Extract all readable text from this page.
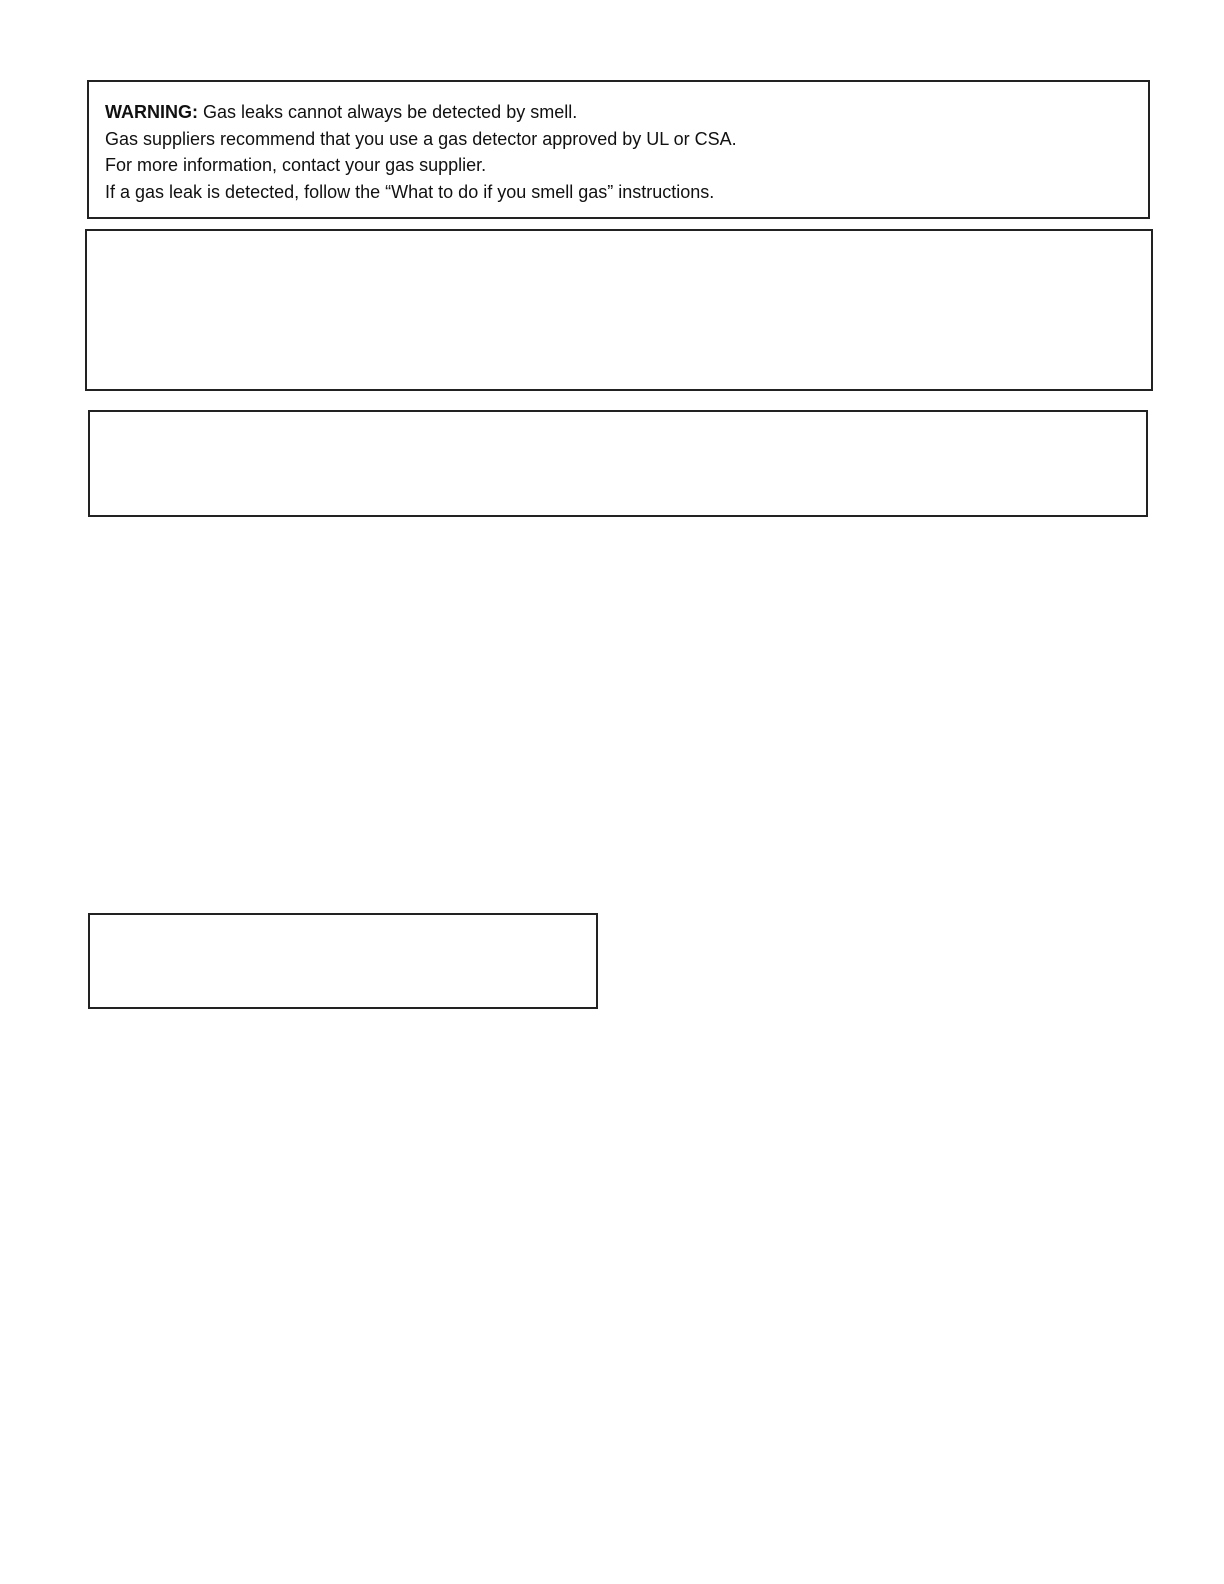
WARNING: Gas leaks cannot always be detected by smell.
Gas suppliers recommend that you use a gas detector approved by UL or CSA.
For more information, contact your gas supplier.
If a gas leak is detected, follow the “What to do if you smell gas” instructions.
